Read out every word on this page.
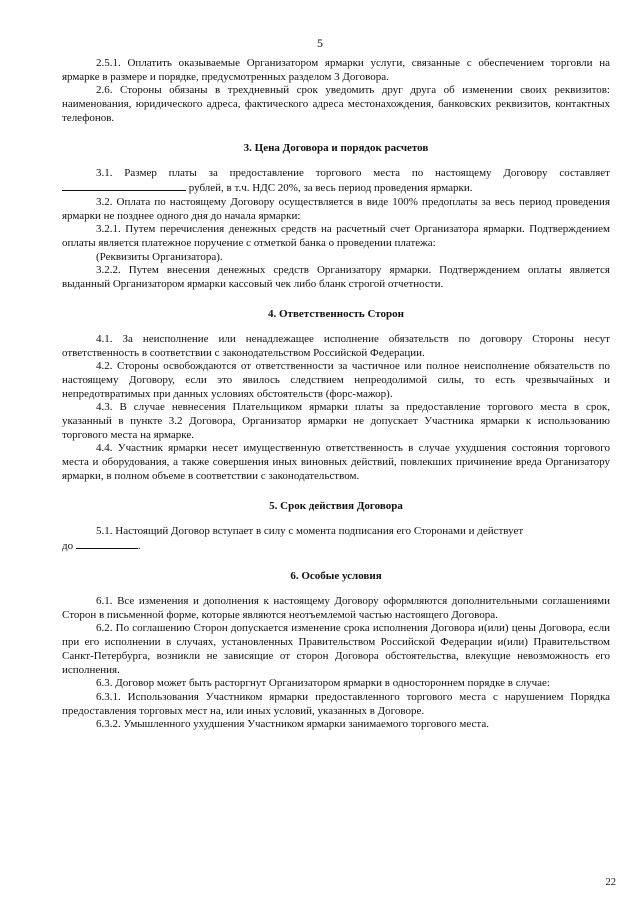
5

2.5.1. Оплатить оказываемые Организатором ярмарки услуги, связанные с обеспечением торговли на ярмарке в размере и порядке, предусмотренных разделом 3 Договора.

2.6. Стороны обязаны в трехдневный срок уведомить друг друга об изменении своих реквизитов: наименования, юридического адреса, фактического адреса местонахождения, банковских реквизитов, контактных телефонов.

3. Цена Договора и порядок расчетов

3.1. Размер платы за предоставление торгового места по настоящему Договору составляет  рублей, в т.ч. НДС 20%, за весь период проведения ярмарки.

3.2. Оплата по настоящему Договору осуществляется в виде 100% предоплаты за весь период проведения ярмарки не позднее одного дня до начала ярмарки:

3.2.1. Путем перечисления денежных средств на расчетный счет Организатора ярмарки. Подтверждением оплаты является платежное поручение с отметкой банка о проведении платежа:

(Реквизиты Организатора).

3.2.2. Путем внесения денежных средств Организатору ярмарки. Подтверждением оплаты является выданный Организатором ярмарки кассовый чек либо бланк строгой отчетности.

4. Ответственность Сторон

4.1. За неисполнение или ненадлежащее исполнение обязательств по договору Стороны несут ответственность в соответствии с законодательством Российской Федерации.

4.2. Стороны освобождаются от ответственности за частичное или полное неисполнение обязательств по настоящему Договору, если это явилось следствием непреодолимой силы, то есть чрезвычайных и непредотвратимых при данных условиях обстоятельств (форс-мажор).

4.3. В случае невнесения Плательщиком ярмарки платы за предоставление торгового места в срок, указанный в пункте 3.2 Договора, Организатор ярмарки не допускает Участника ярмарки к использованию торгового места на ярмарке.

4.4. Участник ярмарки несет имущественную ответственность в случае ухудшения состояния торгового места и оборудования, а также совершения иных виновных действий, повлекших причинение вреда Организатору ярмарки, в полном объеме в соответствии с законодательством.

5. Срок действия Договора

5.1. Настоящий Договор вступает в силу с момента подписания его Сторонами и действует

до	.

6. Особые условия

6.1. Все изменения и дополнения к настоящему Договору оформляются дополнительными соглашениями Сторон в письменной форме, которые являются неотъемлемой частью настоящего Договора.

6.2. По соглашению Сторон допускается изменение срока исполнения Договора и(или) цены Договора, если при его исполнении в случаях, установленных Правительством Российской Федерации и(или) Правительством Санкт-Петербурга, возникли не зависящие от сторон Договора обстоятельства, влекущие невозможность его исполнения.

6.3. Договор может быть расторгнут Организатором ярмарки в одностороннем порядке в случае:

6.3.1. Использования Участником ярмарки предоставленного торгового места с нарушением Порядка предоставления торговых мест на, или иных условий, указанных в Договоре.

6.3.2. Умышленного ухудшения Участником ярмарки занимаемого торгового места.

22
